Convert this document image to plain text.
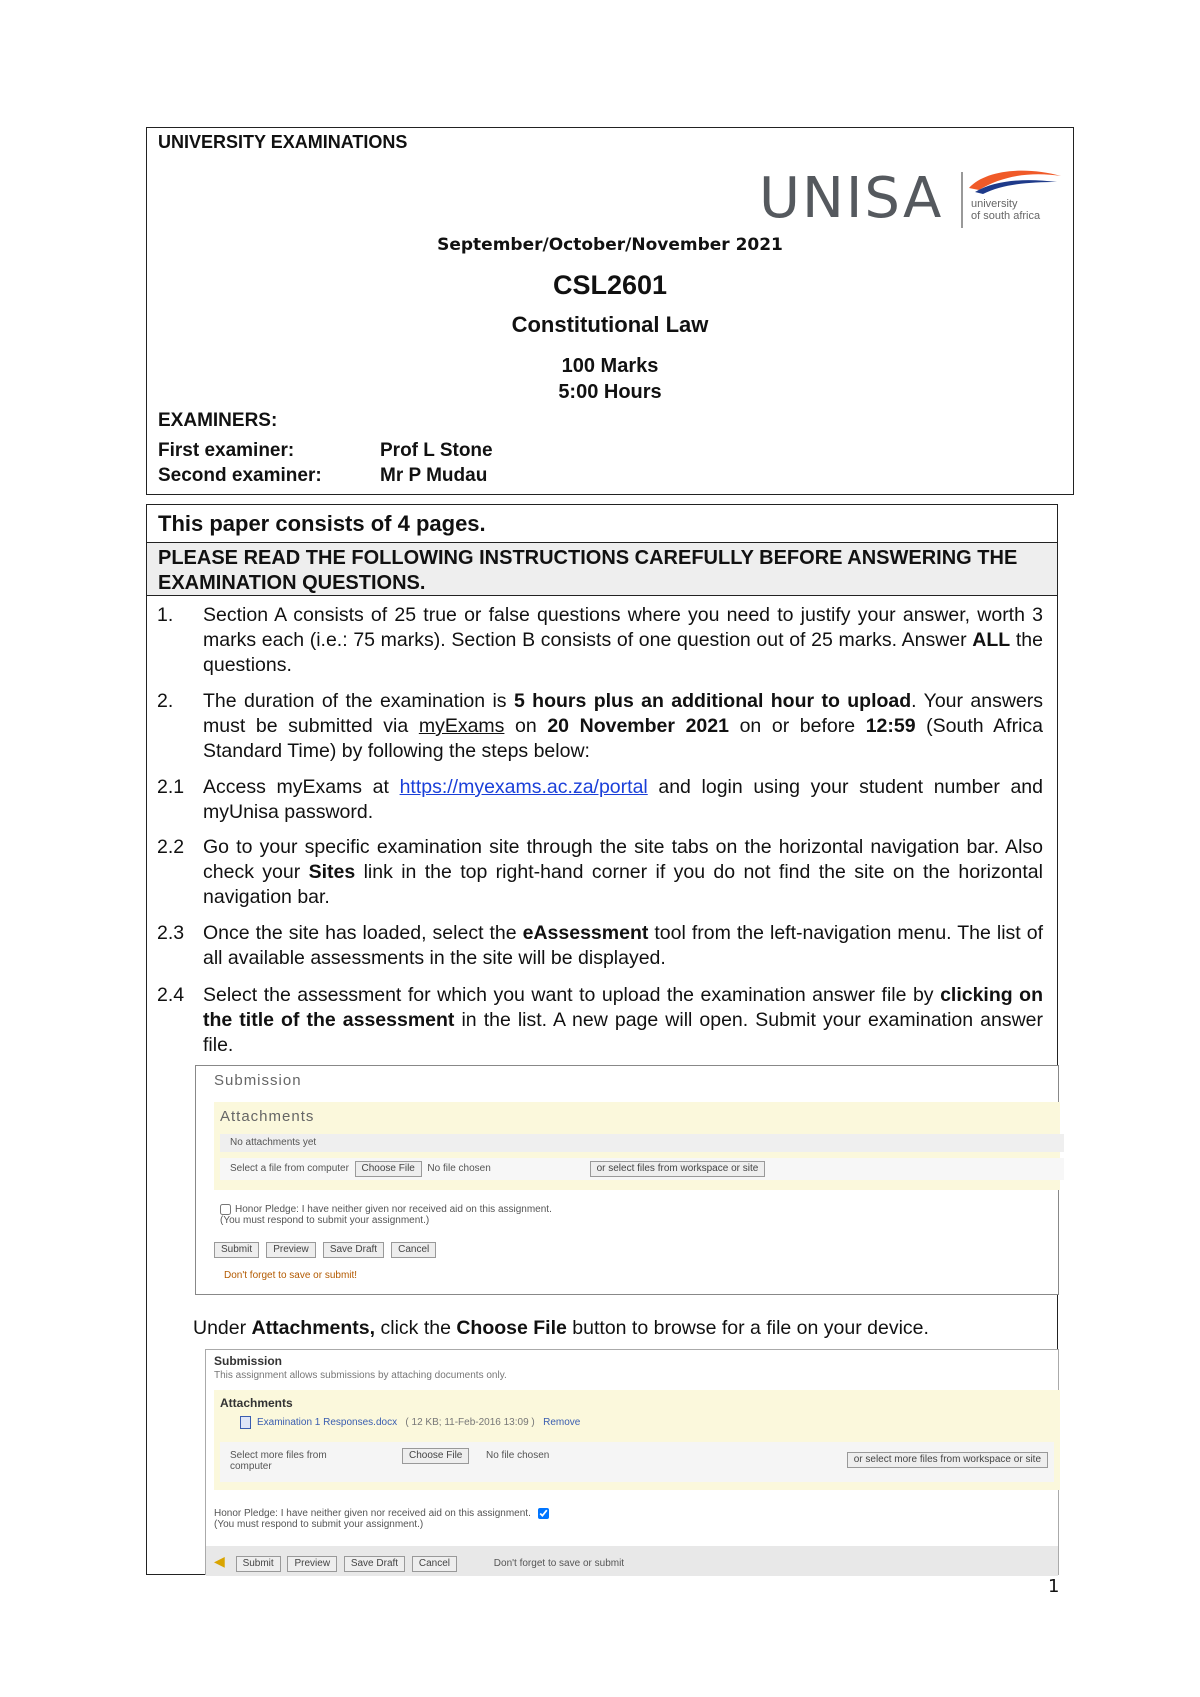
UNIVERSITY EXAMINATIONS
UNISA	university
of south africa
September/October/November 2021
CSL2601
Constitutional Law
100 Marks
5:00 Hours
EXAMINERS:
First examiner:	Prof L Stone
Second examiner:	Mr P Mudau
This paper consists of 4 pages.
PLEASE READ THE FOLLOWING INSTRUCTIONS CAREFULLY BEFORE ANSWERING THE EXAMINATION QUESTIONS.
1. Section A consists of 25 true or false questions where you need to justify your answer, worth 3 marks each (i.e.: 75 marks). Section B consists of one question out of 25 marks. Answer ALL the questions.
2. The duration of the examination is 5 hours plus an additional hour to upload. Your answers must be submitted via myExams on 20 November 2021 on or before 12:59 (South Africa Standard Time) by following the steps below:
2.1 Access myExams at https://myexams.ac.za/portal and login using your student number and myUnisa password.
2.2 Go to your specific examination site through the site tabs on the horizontal navigation bar. Also check your Sites link in the top right-hand corner if you do not find the site on the horizontal navigation bar.
2.3 Once the site has loaded, select the eAssessment tool from the left-navigation menu. The list of all available assessments in the site will be displayed.
2.4 Select the assessment for which you want to upload the examination answer file by clicking on the title of the assessment in the list. A new page will open. Submit your examination answer file.
Submission
Attachments
No attachments yet
Select a file from computer Choose File No file chosen	or select files from workspace or site
Honor Pledge: I have neither given nor received aid on this assignment.
(You must respond to submit your assignment.)
Submit Preview Save Draft Cancel
Don't forget to save or submit!
Under Attachments, click the Choose File button to browse for a file on your device.
Submission
This assignment allows submissions by attaching documents only.
Attachments
Examination 1 Responses.docx ( 12 KB; 11-Feb-2016 13:09 ) Remove
Select more files from computer
Choose File	No file chosen	or select more files from workspace or site
Honor Pledge: I have neither given nor received aid on this assignment.
(You must respond to submit your assignment.)
◀ Submit Preview Save Draft Cancel	Don't forget to save or submit
1
